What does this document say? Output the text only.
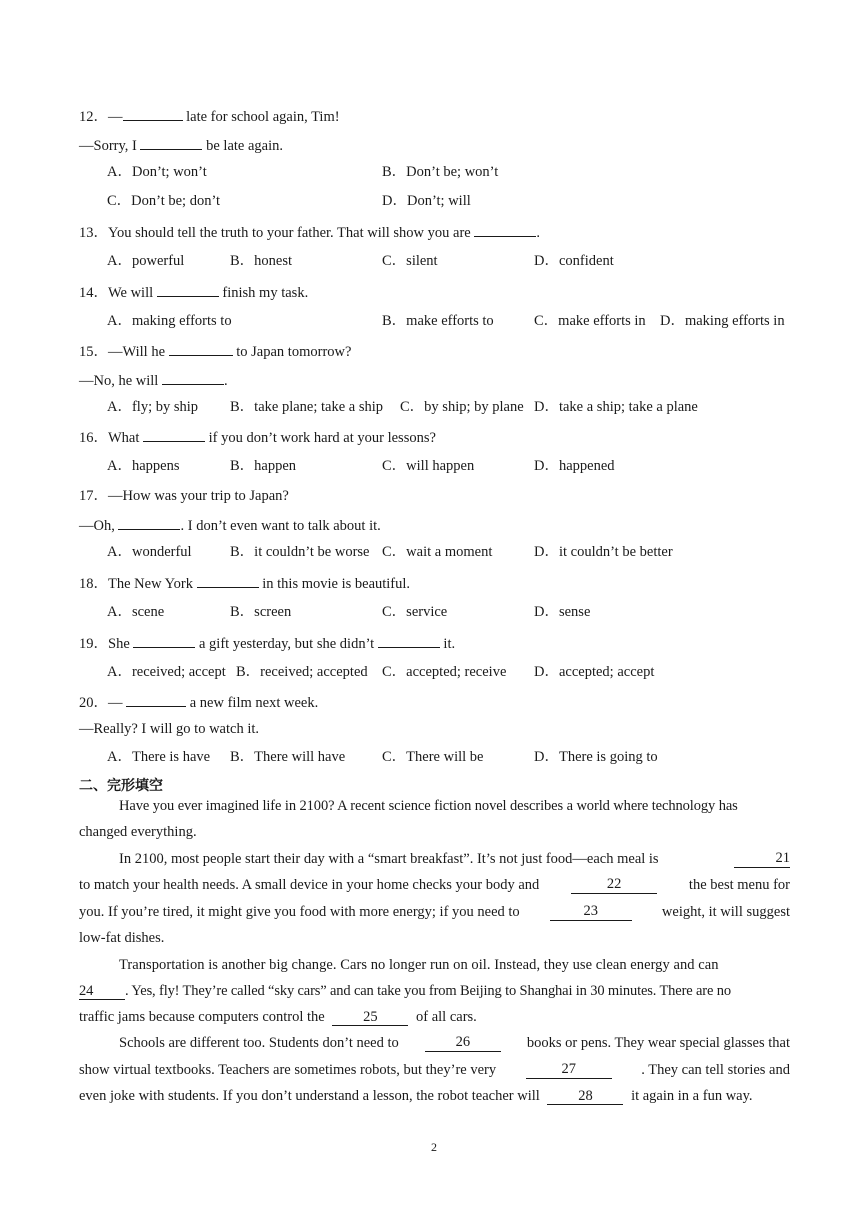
12．—	late for school again, Tim!
—Sorry, I	be late again.
A．Don’t; won’t	B．Don’t be; won’t
C．Don’t be; don’t	D．Don’t; will
13．You should tell the truth to your father. That will show you are	.
A．powerful	B．honest	C．silent	D．confident
14．We will	finish my task.
A．making efforts to	B．make efforts to	C．make efforts in D．making efforts in
15．—Will he	to Japan tomorrow?
—No, he will	.
A．fly; by ship B．take plane; take a ship C．by ship; by plane D．take a ship; take a plane
16．What	if you don’t work hard at your lessons?
A．happens	B．happen	C．will happen	D．happened
17．—How was your trip to Japan?
—Oh,	. I don’t even want to talk about it.
A．wonderful	B．it couldn’t be worse C．wait a moment	D．it couldn’t be better
18．The New York	in this movie is beautiful.
A．scene	B．screen	C．service	D．sense
19．She	a gift yesterday, but she didn’t	it.
A．received; accept B．received; accepted C．accepted; receive D．accepted; accept
20．—	a new film next week.
—Really? I will go to watch it.
A．There is have B．There will have	C．There will be	D．There is going to
二、完形填空
Have you ever imagined life in 2100? A recent science fiction novel describes a world where technology has
changed everything.
In 2100, most people start their day with a “smart breakfast”. It’s not just food—each meal is	21
to match your health needs. A small device in your home checks your body and	22	the best menu for
you. If you’re tired, it might give you food with more energy; if you need to	23	weight, it will suggest
low-fat dishes.
Transportation is another big change. Cars no longer run on oil. Instead, they use clean energy and can
24 . Yes, fly! They’re called “sky cars” and can take you from Beijing to Shanghai in 30 minutes. There are no
traffic jams because computers control the	25	of all cars.
Schools are different too. Students don’t need to	26	books or pens. They wear special glasses that
show virtual textbooks. Teachers are sometimes robots, but they’re very	27	. They can tell stories and
even joke with students. If you don’t understand a lesson, the robot teacher will	28	it again in a fun way.
2
